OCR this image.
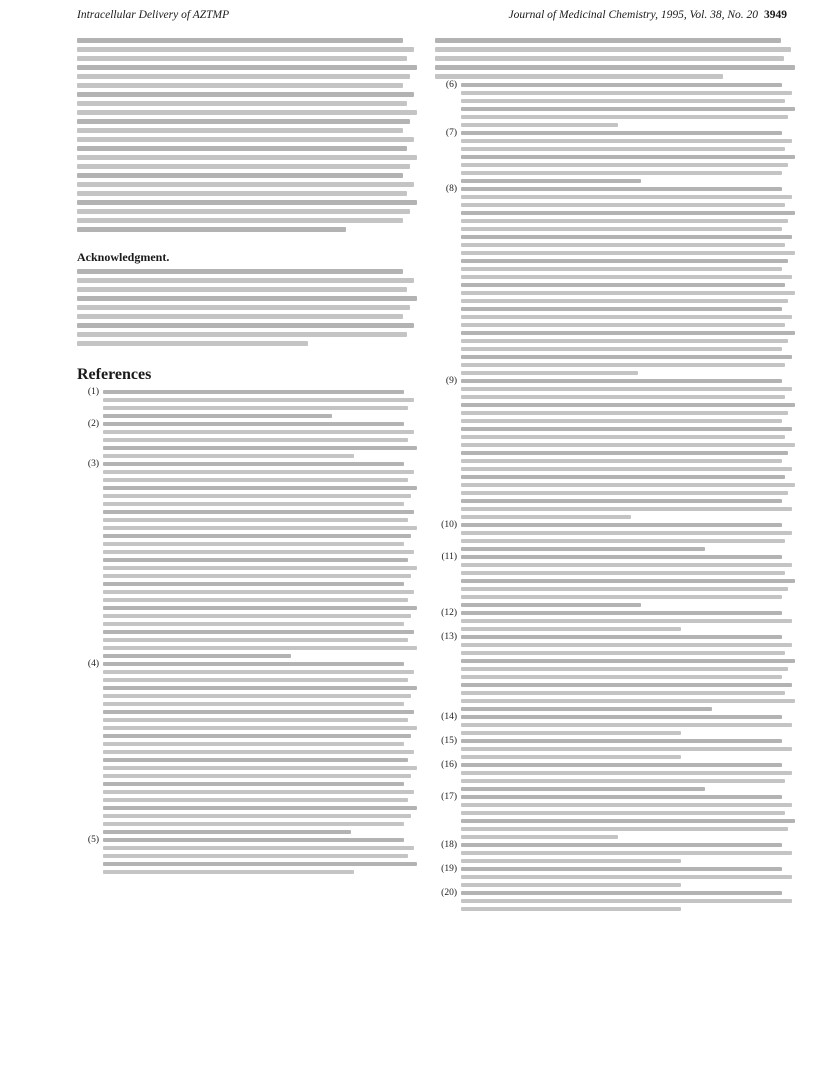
Intracellular Delivery of AZTMP	Journal of Medicinal Chemistry, 1995, Vol. 38, No. 20 3949
Acknowledgment.
References
(1)
(2)
(3)
(4)
(5)
(6)
(7)
(8)
(9)
(10)
(11)
(12)
(13)
(14)
(15)
(16)
(17)
(18)
(19)
(20)
